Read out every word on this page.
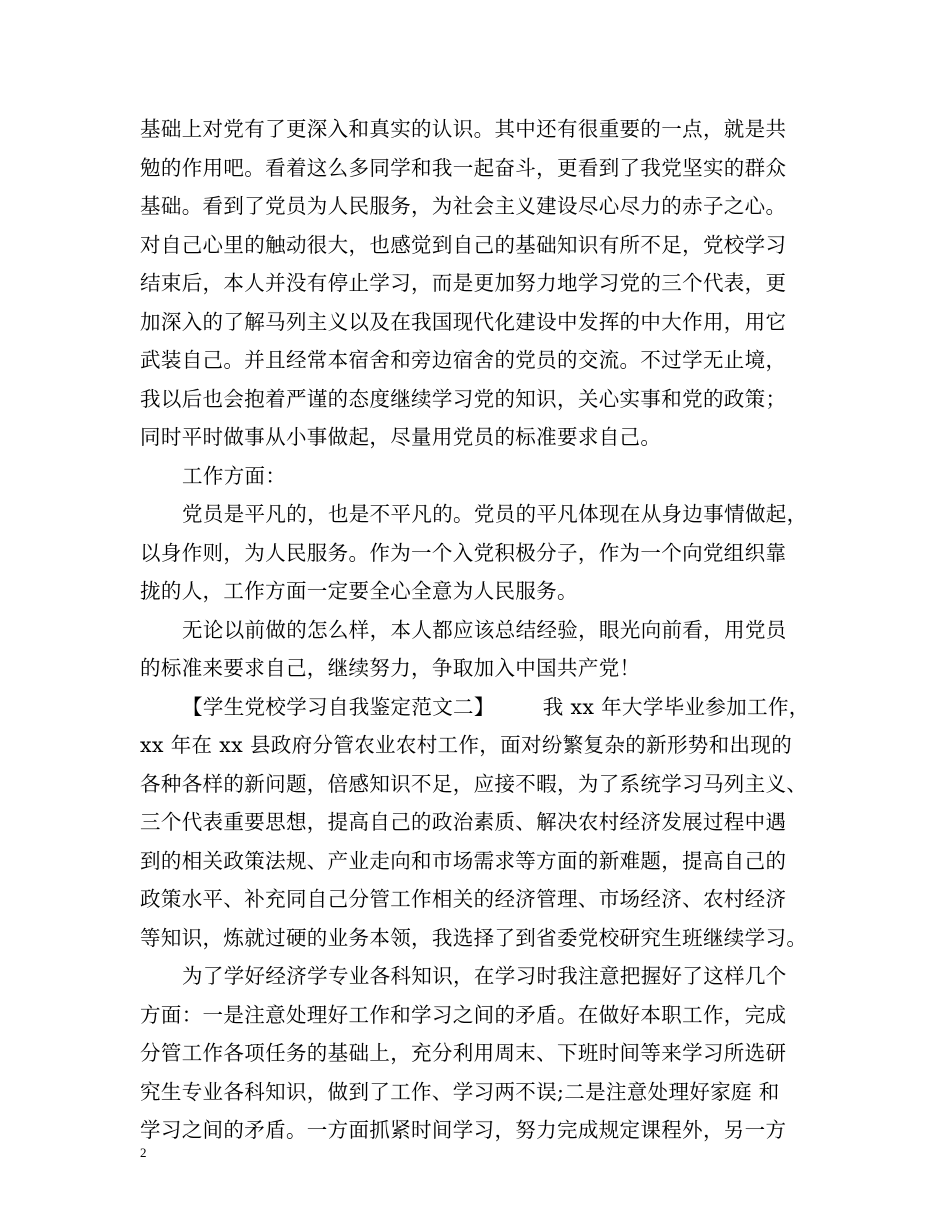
基础上对党有了更深入和真实的认识。其中还有很重要的一点，就是共
勉的作用吧。看着这么多同学和我一起奋斗，更看到了我党坚实的群众
基础。看到了党员为人民服务，为社会主义建设尽心尽力的赤子之心。
对自己心里的触动很大，也感觉到自己的基础知识有所不足，党校学习
结束后，本人并没有停止学习，而是更加努力地学习党的三个代表，更
加深入的了解马列主义以及在我国现代化建设中发挥的中大作用，用它
武装自己。并且经常本宿舍和旁边宿舍的党员的交流。不过学无止境，
我以后也会抱着严谨的态度继续学习党的知识，关心实事和党的政策；
同时平时做事从小事做起，尽量用党员的标准要求自己。
工作方面：
党员是平凡的，也是不平凡的。党员的平凡体现在从身边事情做起，
以身作则，为人民服务。作为一个入党积极分子，作为一个向党组织靠
拢的人，工作方面一定要全心全意为人民服务。
无论以前做的怎么样，本人都应该总结经验，眼光向前看，用党员
的标准来要求自己，继续努力，争取加入中国共产党！
【学生党校学习自我鉴定范文二】 我 xx 年大学毕业参加工作，
xx 年在 xx 县政府分管农业农村工作，面对纷繁复杂的新形势和出现的
各种各样的新问题，倍感知识不足，应接不暇，为了系统学习马列主义、
三个代表重要思想，提高自己的政治素质、解决农村经济发展过程中遇
到的相关政策法规、产业走向和市场需求等方面的新难题，提高自己的
政策水平、补充同自己分管工作相关的经济管理、市场经济、农村经济
等知识，炼就过硬的业务本领，我选择了到省委党校研究生班继续学习。
为了学好经济学专业各科知识，在学习时我注意把握好了这样几个
方面：一是注意处理好工作和学习之间的矛盾。在做好本职工作，完成
分管工作各项任务的基础上，充分利用周末、下班时间等来学习所选研
究生专业各科知识，做到了工作、学习两不误;二是注意处理好家庭 和
学习之间的矛盾。一方面抓紧时间学习，努力完成规定课程外，另一方
2
